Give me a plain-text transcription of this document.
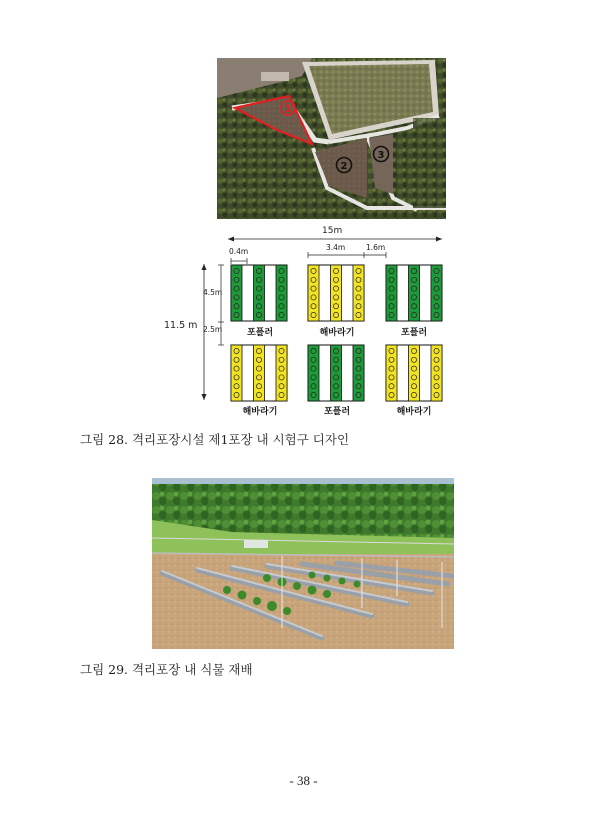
1
2
3
15m
0.4m	3.4m	1.6m
11.5 m
4.5m
2.5m	포플러	해바라기	포플러
해바라기	포플러	해바라기
그림 28. 격리포장시설 제1포장 내 시험구 디자인
그림 29. 격리포장 내 식물 재배
- 38 -
